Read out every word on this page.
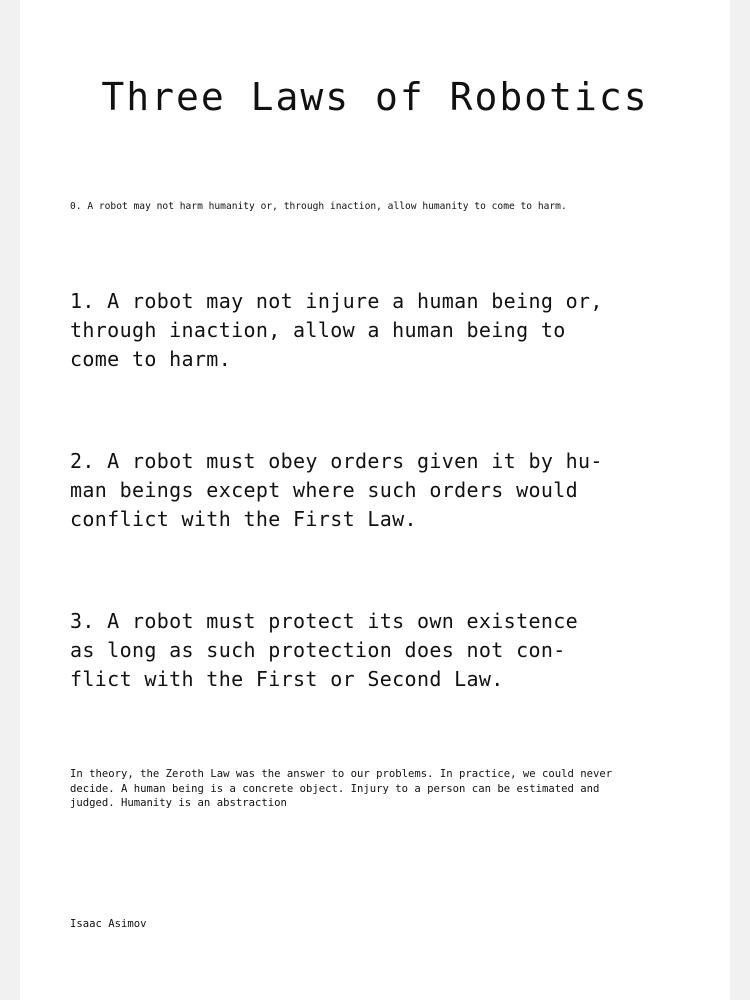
Three Laws of Robotics

0. A robot may not harm humanity or, through inaction, allow humanity to come to harm.

1. A robot may not injure a human being or,
through inaction, allow a human being to
come to harm.
2. A robot must obey orders given it by hu-
man beings except where such orders would
conflict with the First Law.
3. A robot must protect its own existence
as long as such protection does not con-
flict with the First or Second Law.
In theory, the Zeroth Law was the answer to our problems. In practice, we could never
decide. A human being is a concrete object. Injury to a person can be estimated and
judged. Humanity is an abstraction

Isaac Asimov
